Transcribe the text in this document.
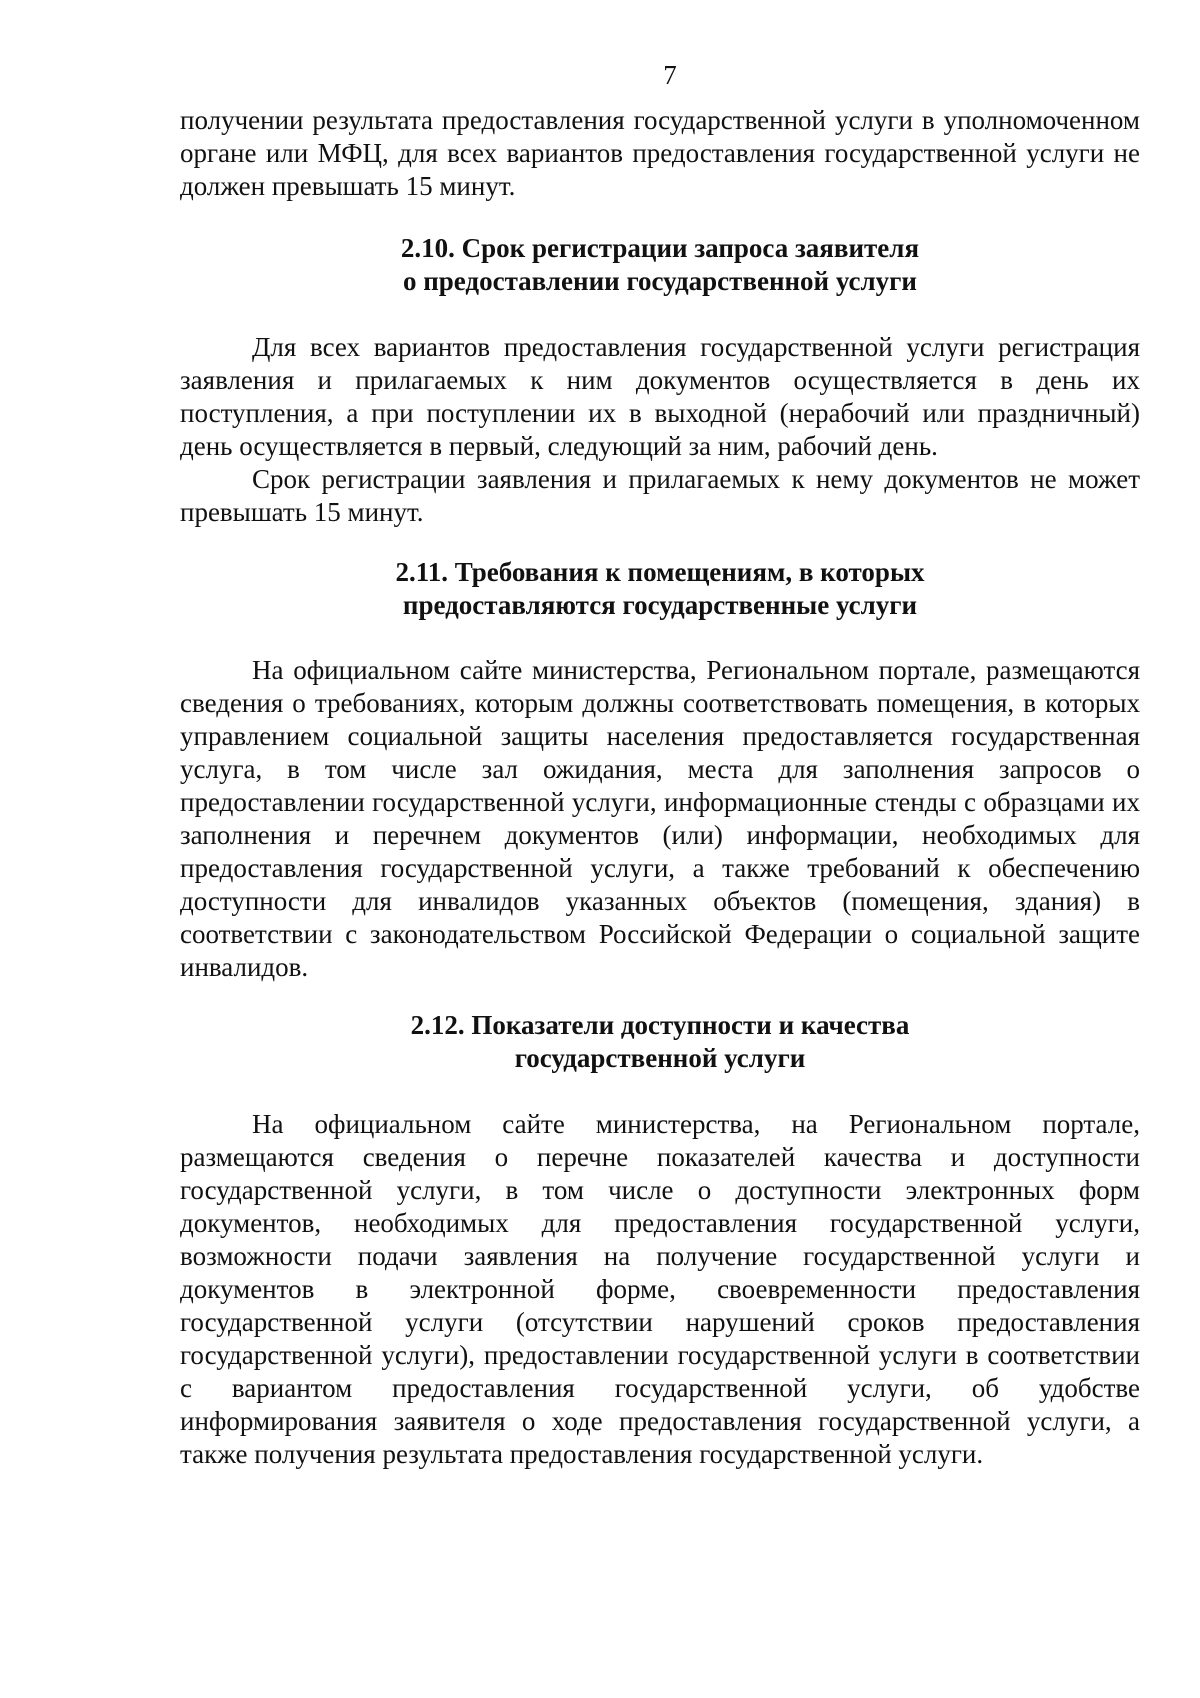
7

получении результата предоставления государственной услуги в уполномоченном органе или МФЦ, для всех вариантов предоставления государственной услуги не должен превышать 15 минут.

2.10. Срок регистрации запроса заявителя
о предоставлении государственной услуги

Для всех вариантов предоставления государственной услуги регистрация заявления и прилагаемых к ним документов осуществляется в день их поступления, а при поступлении их в выходной (нерабочий или праздничный) день осуществляется в первый, следующий за ним, рабочий день.

Срок регистрации заявления и прилагаемых к нему документов не может превышать 15 минут.

2.11. Требования к помещениям, в которых
предоставляются государственные услуги

На официальном сайте министерства, Региональном портале, размещаются сведения о требованиях, которым должны соответствовать помещения, в которых управлением социальной защиты населения предоставляется государственная услуга, в том числе зал ожидания, места для заполнения запросов о предоставлении государственной услуги, информационные стенды с образцами их заполнения и перечнем документов (или) информации, необходимых для предоставления государственной услуги, а также требований к обеспечению доступности для инвалидов указанных объектов (помещения, здания) в соответствии с законодательством Российской Федерации о социальной защите инвалидов.

2.12. Показатели доступности и качества
государственной услуги

На официальном сайте министерства, на Региональном портале, размещаются сведения о перечне показателей качества и доступности государственной услуги, в том числе о доступности электронных форм документов, необходимых для предоставления государственной услуги, возможности подачи заявления на получение государственной услуги и документов в электронной форме, своевременности предоставления государственной услуги (отсутствии нарушений сроков предоставления государственной услуги), предоставлении государственной услуги в соответствии с вариантом предоставления государственной услуги, об удобстве информирования заявителя о ходе предоставления государственной услуги, а также получения результата предоставления государственной услуги.
